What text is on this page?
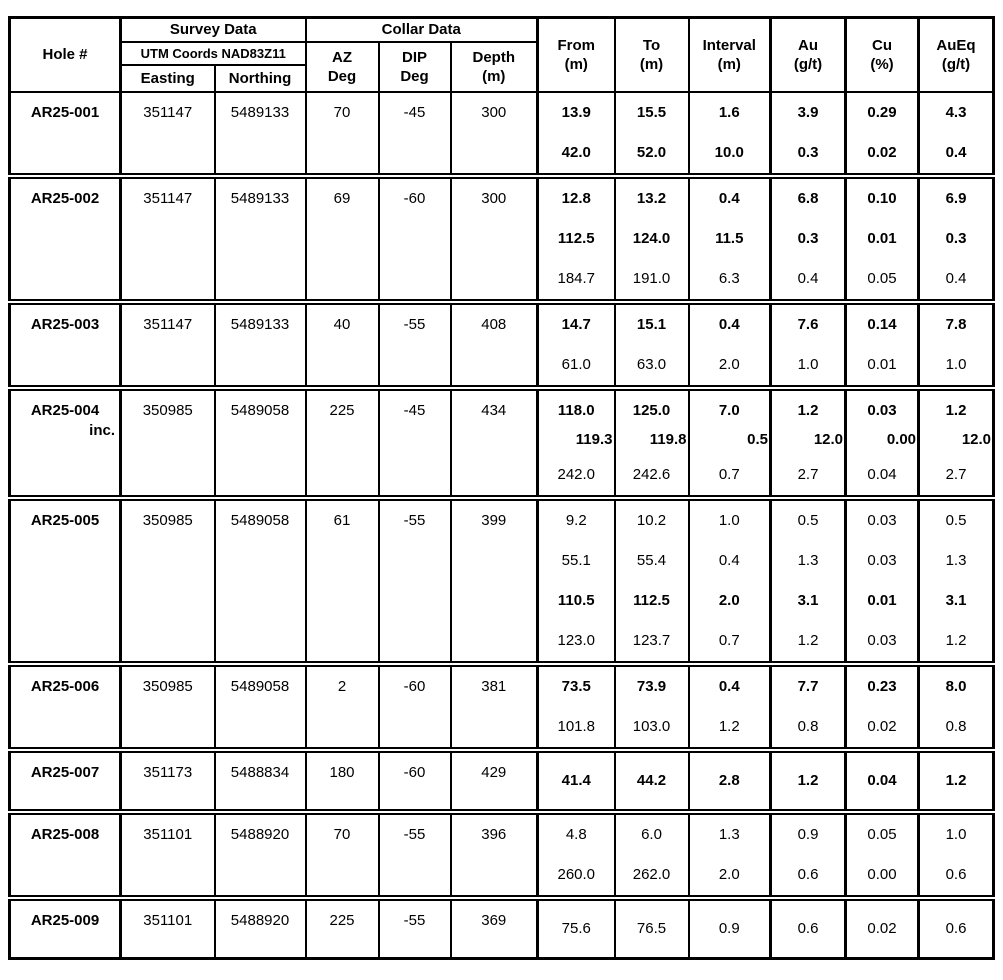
Hole #	Survey Data	Collar Data	
From
(m)

To
(m)

Interval
(m)

Au
(g/t)

Cu
(%)

AuEq
(g/t)

UTM Coords NAD83Z11	AZ
Deg

DIP
Deg

Depth
(m)

	Easting	Northing									

AR25-001	351147	5489133	70	-45	300	13.9	15.5	1.6	3.9	0.29	4.3
						42.0	52.0	10.0	0.3	0.02	0.4

AR25-002	351147	5489133	69	-60	300	12.8	13.2	0.4	6.8	0.10	6.9
						112.5	124.0	11.5	0.3	0.01	0.3
						184.7	191.0	6.3	0.4	0.05	0.4

AR25-003	351147	5489133	40	-55	408	14.7	15.1	0.4	7.6	0.14	7.8
						61.0	63.0	2.0	1.0	0.01	1.0

AR25-004
inc.	350985	5489058	225	-45	434	118.0	125.0	7.0	1.2	0.03	1.2
						119.3	119.8	0.5	12.0	0.00	12.0
						242.0	242.6	0.7	2.7	0.04	2.7

AR25-005	350985	5489058	61	-55	399	9.2	10.2	1.0	0.5	0.03	0.5
						55.1	55.4	0.4	1.3	0.03	1.3
						110.5	112.5	2.0	3.1	0.01	3.1
						123.0	123.7	0.7	1.2	0.03	1.2

AR25-006	350985	5489058	2	-60	381	73.5	73.9	0.4	7.7	0.23	8.0
						101.8	103.0	1.2	0.8	0.02	0.8

AR25-007	351173	5488834	180	-60	429	41.4	44.2	2.8	1.2	0.04	1.2

AR25-008	351101	5488920	70	-55	396	4.8	6.0	1.3	0.9	0.05	1.0
						260.0	262.0	2.0	0.6	0.00	0.6

AR25-009	351101	5488920	225	-55	369	75.6	76.5	0.9	0.6	0.02	0.6
